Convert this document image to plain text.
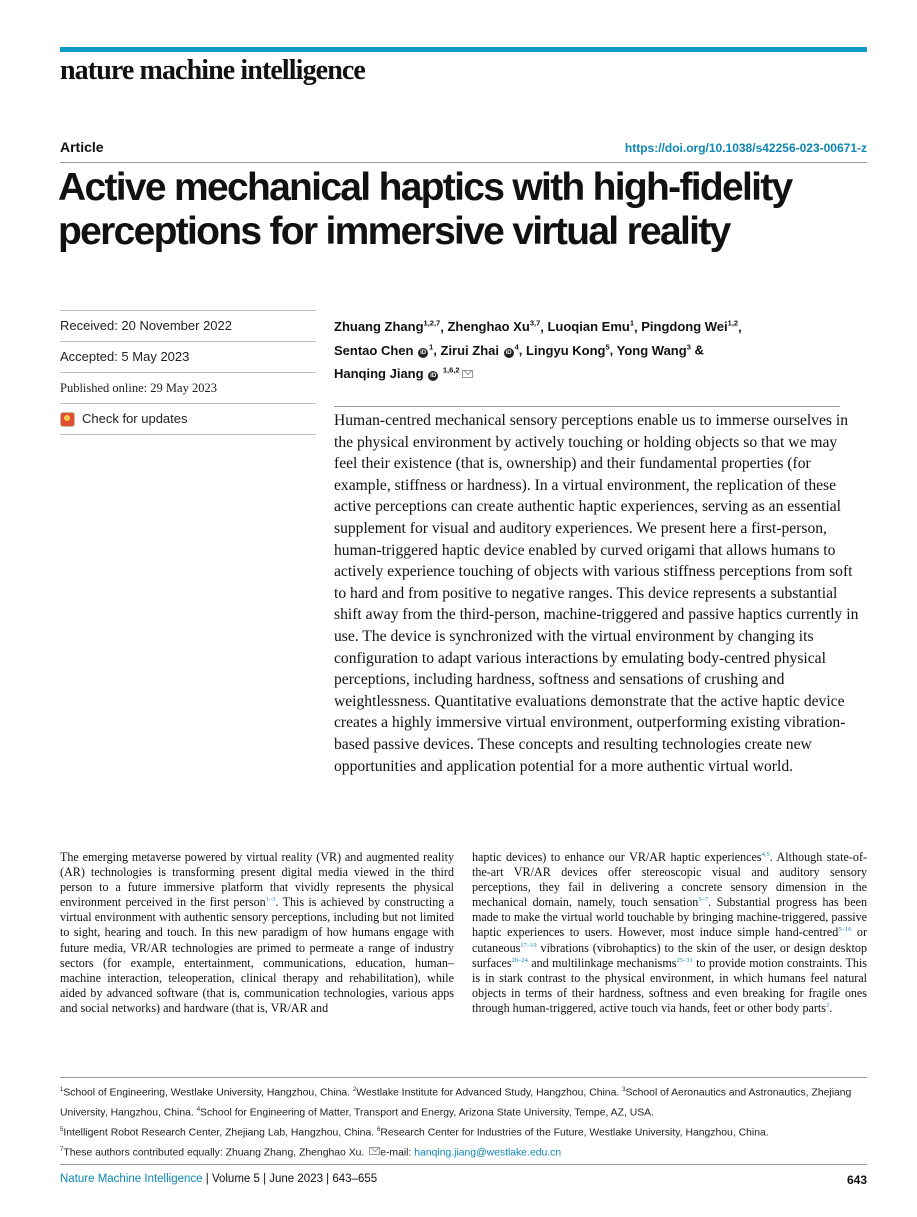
nature machine intelligence
Article	https://doi.org/10.1038/s42256-023-00671-z
Active mechanical haptics with high-fidelity perceptions for immersive virtual reality
Received: 20 November 2022
Accepted: 5 May 2023
Published online: 29 May 2023
Check for updates
Zhuang Zhang$^{1,2,7}$, Zhenghao Xu$^{3,7}$, Luoqian Emu$^1$, Pingdong Wei$^{1,2}$,
Sentao Chen $iD^1$, Zirui Zhai $iD^4$, Lingyu Kong$^5$, Yong Wang$^3$ &
Hanqing Jiang iD $^{1,6,2}$

Human-centred mechanical sensory perceptions enable us to immerse ourselves in the physical environment by actively touching or holding objects so that we may feel their existence (that is, ownership) and their fundamental properties (for example, stiffness or hardness). In a virtual environment, the replication of these active perceptions can create authentic haptic experiences, serving as an essential supplement for visual and auditory experiences. We present here a first-person, human-triggered haptic device enabled by curved origami that allows humans to actively experience touching of objects with various stiffness perceptions from soft to hard and from positive to negative ranges. This device represents a substantial shift away from the third-person, machine-triggered and passive haptics currently in use. The device is synchronized with the virtual environment by changing its configuration to adapt various interactions by emulating body-centred physical perceptions, including hardness, softness and sensations of crushing and weightlessness. Quantitative evaluations demonstrate that the active haptic device creates a highly immersive virtual environment, outperforming existing vibration-based passive devices. These concepts and resulting technologies create new opportunities and application potential for a more authentic virtual world.

The emerging metaverse powered by virtual reality (VR) and augmented reality (AR) technologies is transforming present digital media viewed in the third person to a future immersive platform that vividly represents the physical environment perceived in the first person$^{1-3}$. This is achieved by constructing a virtual environment with authentic sensory perceptions, including but not limited to sight, hearing and touch. In this new paradigm of how humans engage with future media, VR/AR technologies are primed to permeate a range of industry sectors (for example, entertainment, communications, education, human–machine interaction, teleoperation, clinical therapy and rehabilitation), while aided by advanced software (that is, communication technologies, various apps and social networks) and hardware (that is, VR/AR and

haptic devices) to enhance our VR/AR haptic experiences$^{4,5}$. Although state-of-the-art VR/AR devices offer stereoscopic visual and auditory sensory perceptions, they fail in delivering a concrete sensory dimension in the mechanical domain, namely, touch sensation$^{5-7}$. Substantial progress has been made to make the virtual world touchable by bringing machine-triggered, passive haptic experiences to users. However, most induce simple hand-centred$^{5-16}$ or cutaneous$^{17-19}$ vibrations (vibrohaptics) to the skin of the user, or design desktop surfaces$^{20-24}$ and multilinkage mechanisms$^{25-31}$ to provide motion constraints. This is in stark contrast to the physical environment, in which humans feel natural objects in terms of their hardness, softness and even breaking for fragile ones through human-triggered, active touch via hands, feet or other body parts$^2$.

$^1$School of Engineering, Westlake University, Hangzhou, China. $^2$Westlake Institute for Advanced Study, Hangzhou, China. $^3$School of Aeronautics and Astronautics, Zhejiang University, Hangzhou, China. $^4$School for Engineering of Matter, Transport and Energy, Arizona State University, Tempe, AZ, USA.
$^5$Intelligent Robot Research Center, Zhejiang Lab, Hangzhou, China. $^6$Research Center for Industries of the Future, Westlake University, Hangzhou, China.
$^7$These authors contributed equally: Zhuang Zhang, Zhenghao Xu. e-mail: hanqing.jiang@westlake.edu.cn
Nature Machine Intelligence | Volume 5 | June 2023 | 643–655	643
